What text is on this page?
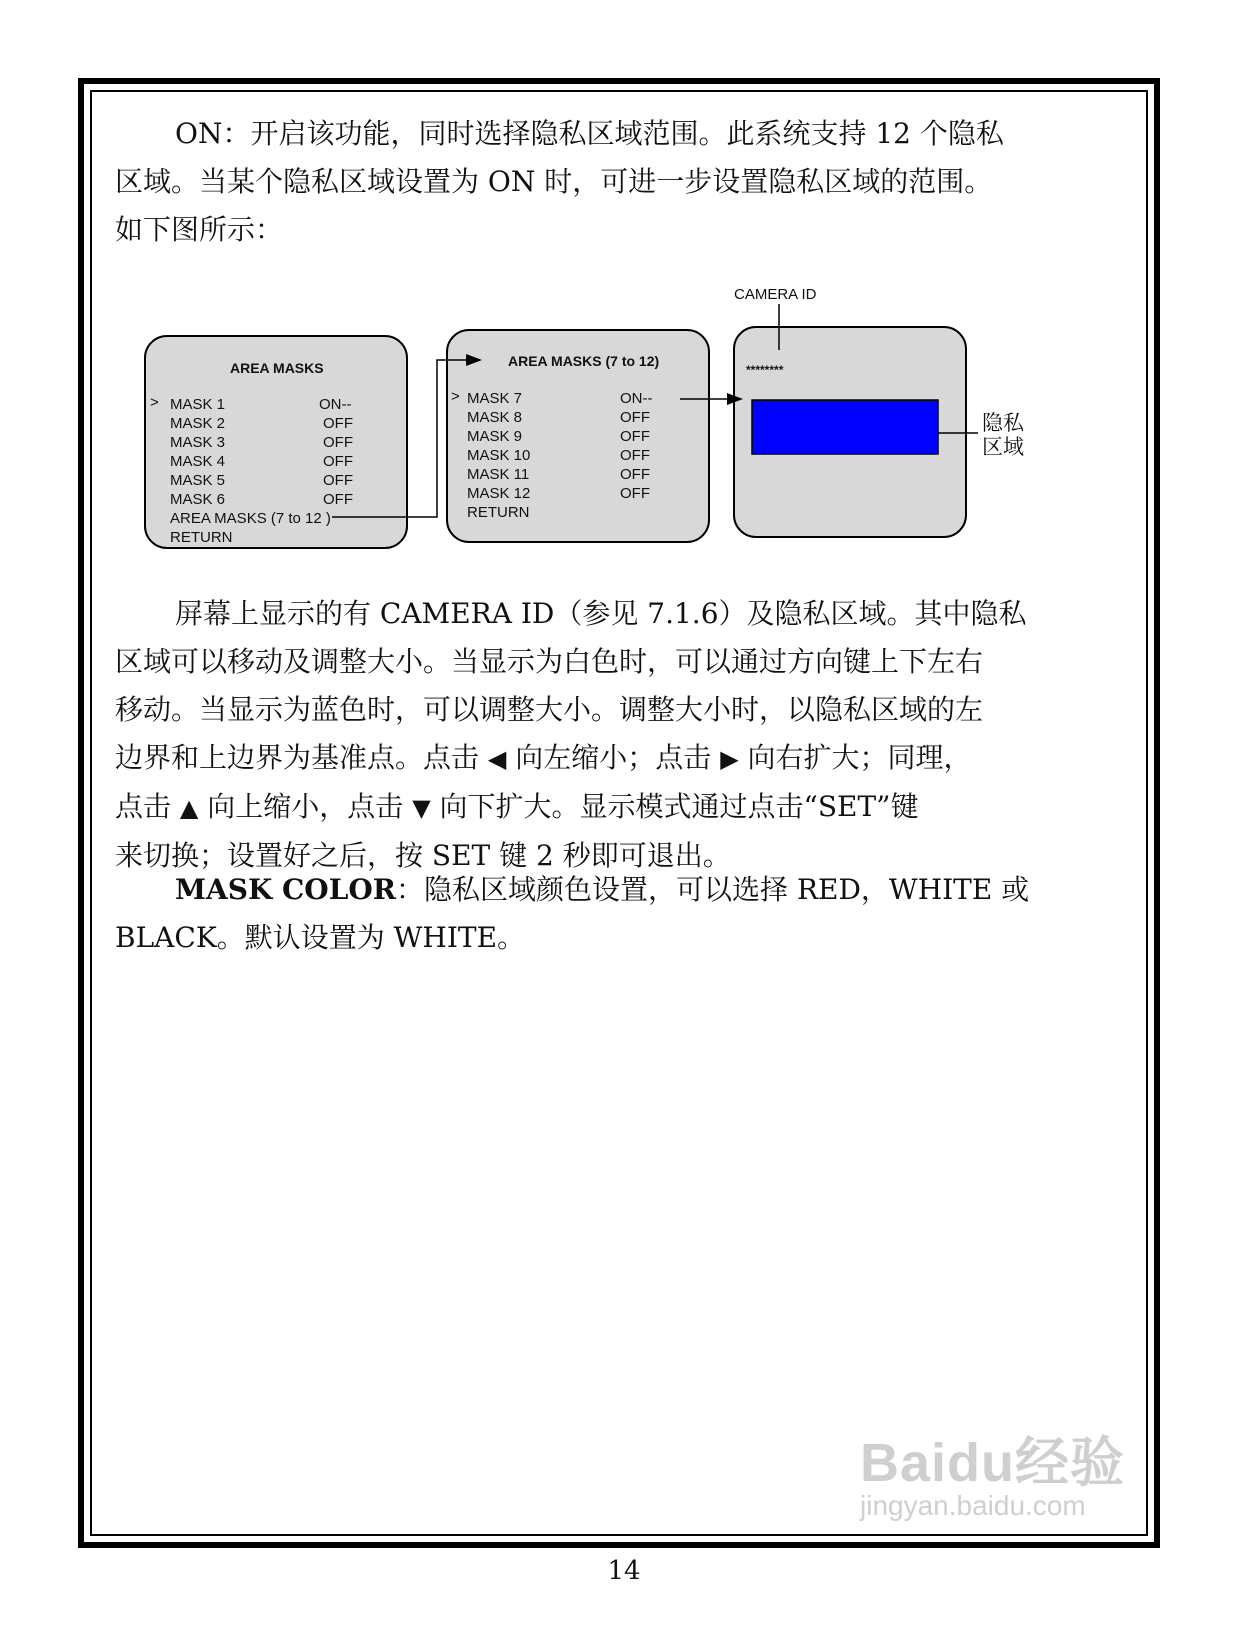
ON：开启该功能，同时选择隐私区域范围。此系统支持 12 个隐私
区域。当某个隐私区域设置为 ON 时，可进一步设置隐私区域的范围。
如下图所示：

AREA MASKS
> MASK 1	ON--
MASK 2	OFF
MASK 3	OFF
MASK 4	OFF
MASK 5	OFF
MASK 6	OFF
AREA MASKS (7 to 12 )
RETURN
AREA MASKS (7 to 12)
> MASK 7	ON--
MASK 8	OFF
MASK 9	OFF
MASK 10	OFF
MASK 11	OFF
MASK 12	OFF
RETURN
CAMERA ID
********
隐私
区域

屏幕上显示的有 CAMERA ID（参见 7.1.6）及隐私区域。其中隐私
区域可以移动及调整大小。当显示为白色时，可以通过方向键上下左右
移动。当显示为蓝色时，可以调整大小。调整大小时，以隐私区域的左
边界和上边界为基准点。点击 ◀ 向左缩小；点击 ▶ 向右扩大；同理，
点击 ▲ 向上缩小，点击 ▼ 向下扩大。显示模式通过点击“SET”键
来切换；设置好之后，按 SET 键 2 秒即可退出。

MASK COLOR：隐私区域颜色设置，可以选择 RED，WHITE 或
BLACK。默认设置为 WHITE。

14
Baidu经验
jingyan.baidu.com
